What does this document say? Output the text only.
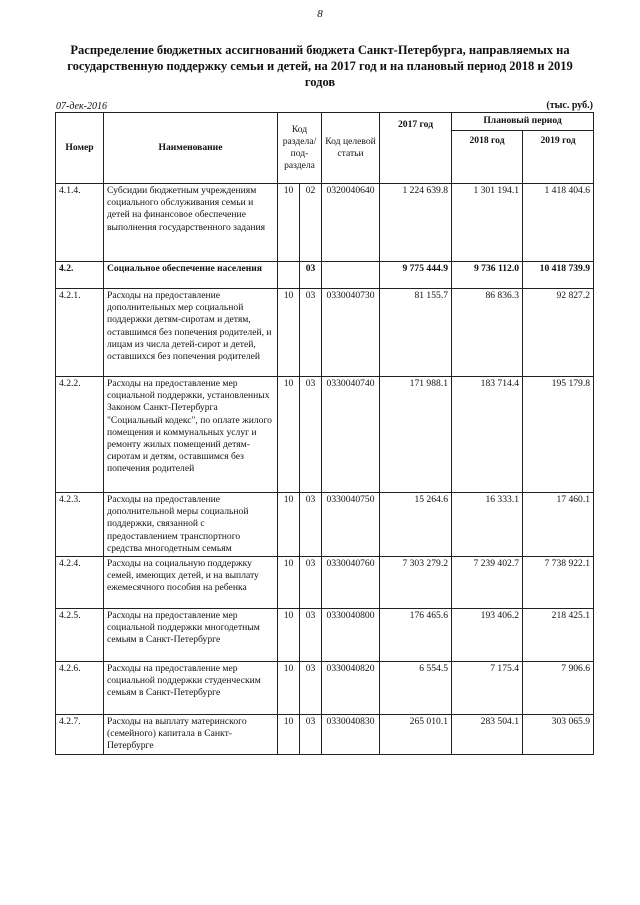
8
Распределение бюджетных ассигнований бюджета Санкт-Петербурга, направляемых на государственную поддержку семьи и детей, на 2017 год и на плановый период 2018 и 2019 годов
07-дек-2016	(тыс. руб.)
Номер	Наименование	Код раздела/ под-раздела		Код целевой статьи	2017 год	Плановый период	
						2018 год	2019 год
4.1.4.	Субсидии бюджетным учреждениям социального обслуживания семьи и детей на финансовое обеспечение выполнения государственного задания	10	02	0320040640	1 224 639.8	1 301 194.1	1 418 404.6
4.2.	Социальное обеспечение населения		03		9 775 444.9	9 736 112.0	10 418 739.9
4.2.1.	Расходы на предоставление дополнительных мер социальной поддержки детям-сиротам и детям, оставшимся без попечения родителей, и лицам из числа детей-сирот и детей, оставшихся без попечения родителей	10	03	0330040730	81 155.7	86 836.3	92 827.2
4.2.2.	Расходы на предоставление мер социальной поддержки, установленных Законом Санкт-Петербурга "Социальный кодекс", по оплате жилого помещения и коммунальных услуг и ремонту жилых помещений детям-сиротам и детям, оставшимся без попечения родителей	10	03	0330040740	171 988.1	183 714.4	195 179.8
4.2.3.	Расходы на предоставление дополнительной меры социальной поддержки, связанной с предоставлением транспортного средства многодетным семьям	10	03	0330040750	15 264.6	16 333.1	17 460.1
4.2.4.	Расходы на социальную поддержку семей, имеющих детей, и на выплату ежемесячного пособия на ребенка	10	03	0330040760	7 303 279.2	7 239 402.7	7 738 922.1
4.2.5.	Расходы на предоставление мер социальной поддержки многодетным семьям в Санкт-Петербурге	10	03	0330040800	176 465.6	193 406.2	218 425.1
4.2.6.	Расходы на предоставление мер социальной поддержки студенческим семьям в Санкт-Петербурге	10	03	0330040820	6 554.5	7 175.4	7 906.6
4.2.7.	Расходы на выплату материнского (семейного) капитала в Санкт-Петербурге	10	03	0330040830	265 010.1	283 504.1	303 065.9
